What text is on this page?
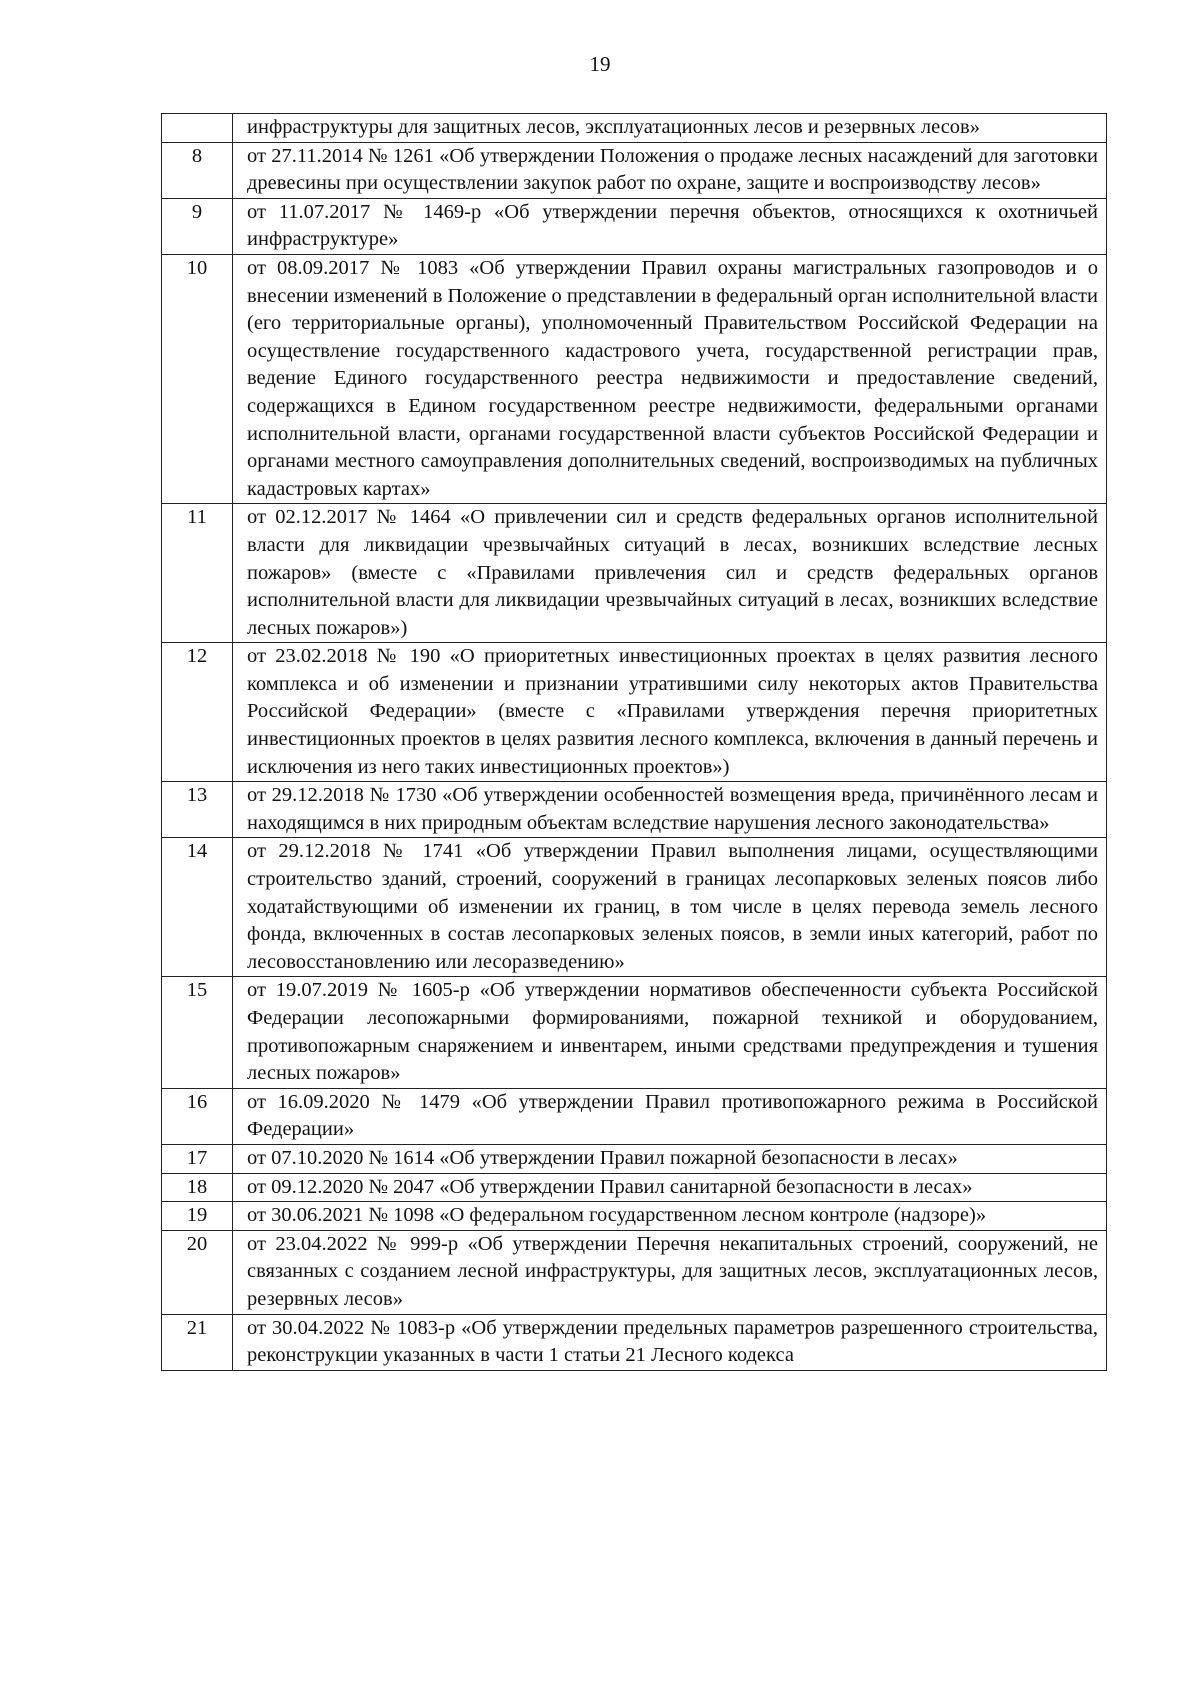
19
	инфраструктуры для защитных лесов, эксплуатационных лесов и резервных лесов»
8	от 27.11.2014 № 1261 «Об утверждении Положения о продаже лесных насаждений для заготовки древесины при осуществлении закупок работ по охране, защите и воспроизводству лесов»
9	от 11.07.2017 № 1469-р «Об утверждении перечня объектов, относящихся к охотничьей инфраструктуре»
10	от 08.09.2017 № 1083 «Об утверждении Правил охраны магистральных газопроводов и о внесении изменений в Положение о представлении в федеральный орган исполнительной власти (его территориальные органы), уполномоченный Правительством Российской Федерации на осуществление государственного кадастрового учета, государственной регистрации прав, ведение Единого государственного реестра недвижимости и предоставление сведений, содержащихся в Едином государственном реестре недвижимости, федеральными органами исполнительной власти, органами государственной власти субъектов Российской Федерации и органами местного самоуправления дополнительных сведений, воспроизводимых на публичных кадастровых картах»
11	от 02.12.2017 № 1464 «О привлечении сил и средств федеральных органов исполнительной власти для ликвидации чрезвычайных ситуаций в лесах, возникших вследствие лесных пожаров» (вместе с «Правилами привлечения сил и средств федеральных органов исполнительной власти для ликвидации чрезвычайных ситуаций в лесах, возникших вследствие лесных пожаров»)
12	от 23.02.2018 № 190 «О приоритетных инвестиционных проектах в целях развития лесного комплекса и об изменении и признании утратившими силу некоторых актов Правительства Российской Федерации» (вместе с «Правилами утверждения перечня приоритетных инвестиционных проектов в целях развития лесного комплекса, включения в данный перечень и исключения из него таких инвестиционных проектов»)
13	от 29.12.2018 № 1730 «Об утверждении особенностей возмещения вреда, причинённого лесам и находящимся в них природным объектам вследствие нарушения лесного законодательства»
14	от 29.12.2018 № 1741 «Об утверждении Правил выполнения лицами, осуществляющими строительство зданий, строений, сооружений в границах лесопарковых зеленых поясов либо ходатайствующими об изменении их границ, в том числе в целях перевода земель лесного фонда, включенных в состав лесопарковых зеленых поясов, в земли иных категорий, работ по лесовосстановлению или лесоразведению»
15	от 19.07.2019 № 1605-р «Об утверждении нормативов обеспеченности субъекта Российской Федерации лесопожарными формированиями, пожарной техникой и оборудованием, противопожарным снаряжением и инвентарем, иными средствами предупреждения и тушения лесных пожаров»
16	от 16.09.2020 № 1479 «Об утверждении Правил противопожарного режима в Российской Федерации»
17	от 07.10.2020 № 1614 «Об утверждении Правил пожарной безопасности в лесах»
18	от 09.12.2020 № 2047 «Об утверждении Правил санитарной безопасности в лесах»
19	от 30.06.2021 № 1098 «О федеральном государственном лесном контроле (надзоре)»
20	от 23.04.2022 № 999-р «Об утверждении Перечня некапитальных строений, сооружений, не связанных с созданием лесной инфраструктуры, для защитных лесов, эксплуатационных лесов, резервных лесов»
21	от 30.04.2022 № 1083-р «Об утверждении предельных параметров разрешенного строительства, реконструкции указанных в части 1 статьи 21 Лесного кодекса
